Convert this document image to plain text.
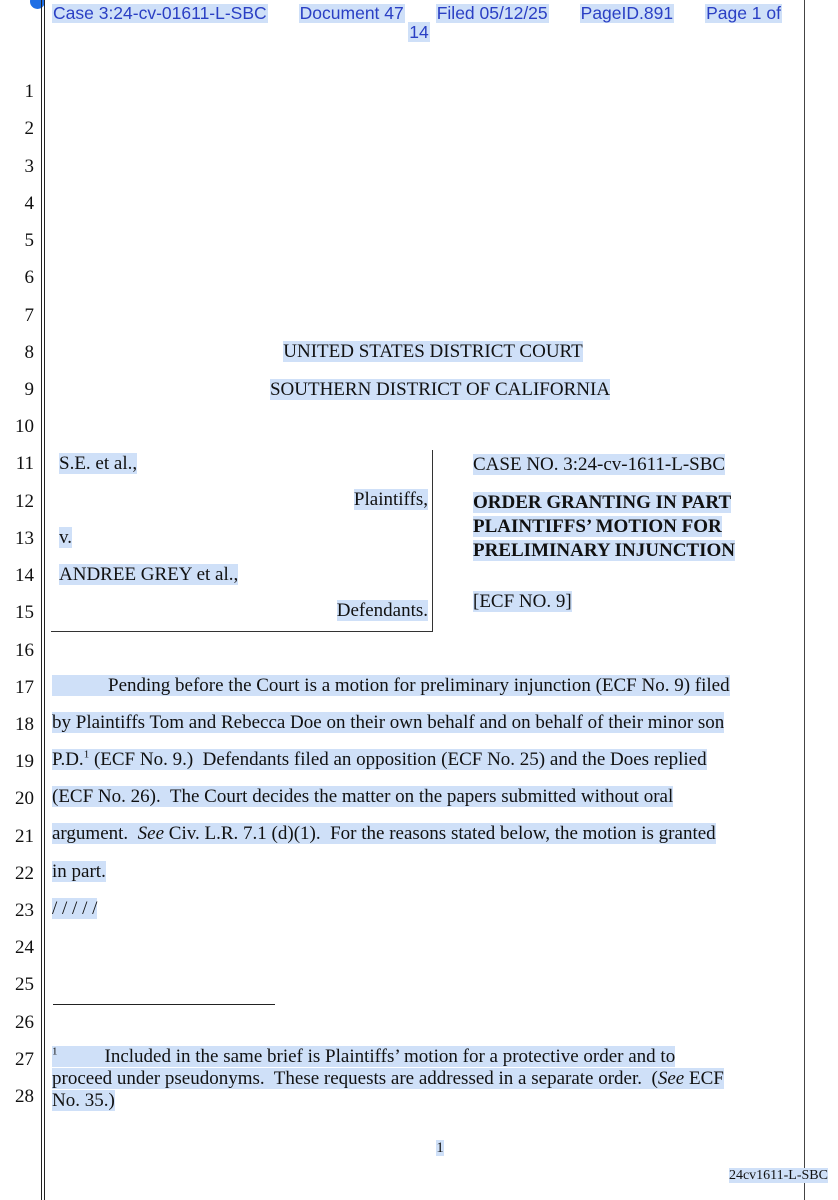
Case 3:24-cv-01611-L-SBC Document 47 Filed 05/12/25 PageID.891 Page 1 of
14
1
2
3
4
5
6
7
8
9
10
11
12
13
14
15
16
17
18
19
20
21
22
23
24
25
26
27
28
UNITED STATES DISTRICT COURT
SOUTHERN DISTRICT OF CALIFORNIA
S.E. et al.,
Plaintiffs,
v.
ANDREE GREY et al.,
Defendants.
CASE NO. 3:24-cv-1611-L-SBC
ORDER GRANTING IN PART
PLAINTIFFS’ MOTION FOR
PRELIMINARY INJUNCTION
[ECF NO. 9]
Pending before the Court is a motion for preliminary injunction (ECF No. 9) filed
by Plaintiffs Tom and Rebecca Doe on their own behalf and on behalf of their minor son
P.D.$^1$ (ECF No. 9.)  Defendants filed an opposition (ECF No. 25) and the Does replied
(ECF No. 26).  The Court decides the matter on the papers submitted without oral
argument.  See Civ. L.R. 7.1 (d)(1).  For the reasons stated below, the motion is granted
in part.
/ / / / /
$^1$ Included in the same brief is Plaintiffs’ motion for a protective order and to
proceed under pseudonyms.  These requests are addressed in a separate order.  (See ECF
No. 35.)
1
24cv1611-L-SBC
